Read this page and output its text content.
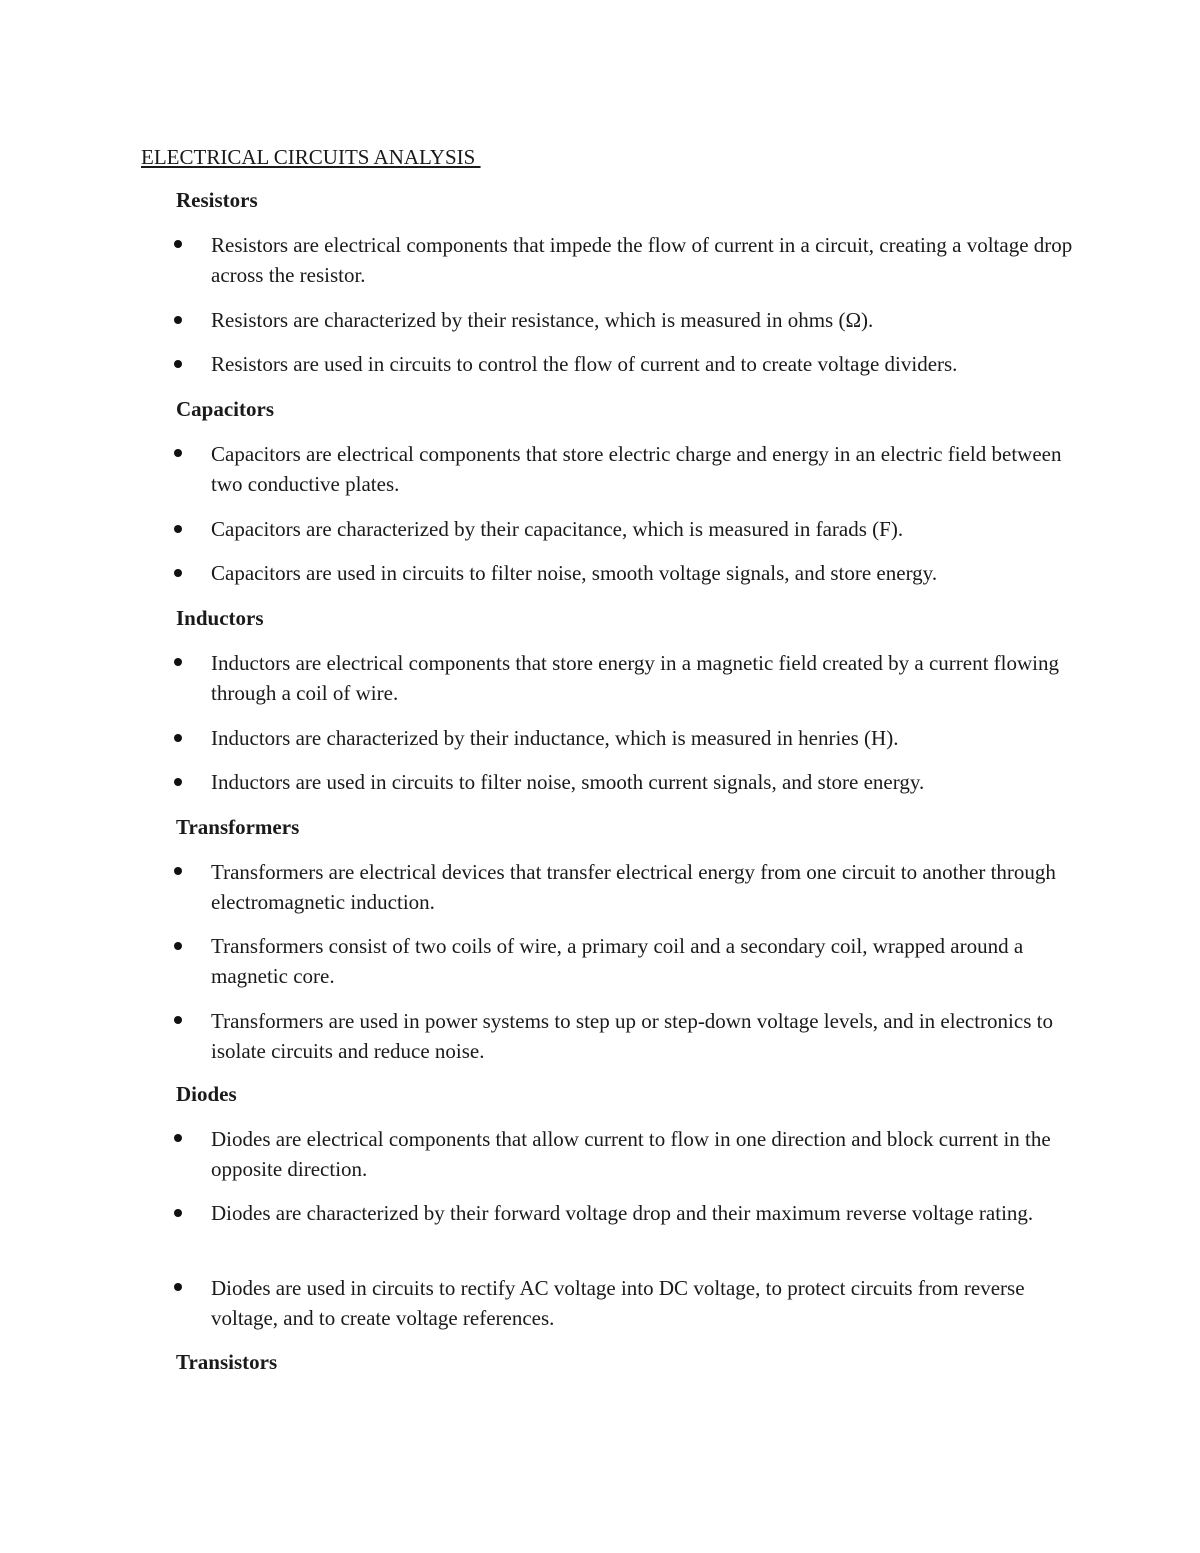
ELECTRICAL CIRCUITS ANALYSIS
Resistors

Resistors are electrical components that impede the flow of current in a circuit, creating a voltage drop across the resistor.

Resistors are characterized by their resistance, which is measured in ohms (Ω).

Resistors are used in circuits to control the flow of current and to create voltage dividers.

Capacitors

Capacitors are electrical components that store electric charge and energy in an electric field between two conductive plates.

Capacitors are characterized by their capacitance, which is measured in farads (F).

Capacitors are used in circuits to filter noise, smooth voltage signals, and store energy.

Inductors

Inductors are electrical components that store energy in a magnetic field created by a current flowing through a coil of wire.

Inductors are characterized by their inductance, which is measured in henries (H).

Inductors are used in circuits to filter noise, smooth current signals, and store energy.

Transformers

Transformers are electrical devices that transfer electrical energy from one circuit to another through electromagnetic induction.

Transformers consist of two coils of wire, a primary coil and a secondary coil, wrapped around a magnetic core.

Transformers are used in power systems to step up or step-down voltage levels, and in electronics to isolate circuits and reduce noise.

Diodes

Diodes are electrical components that allow current to flow in one direction and block current in the opposite direction.

Diodes are characterized by their forward voltage drop and their maximum reverse voltage rating.

Diodes are used in circuits to rectify AC voltage into DC voltage, to protect circuits from reverse voltage, and to create voltage references.

Transistors
